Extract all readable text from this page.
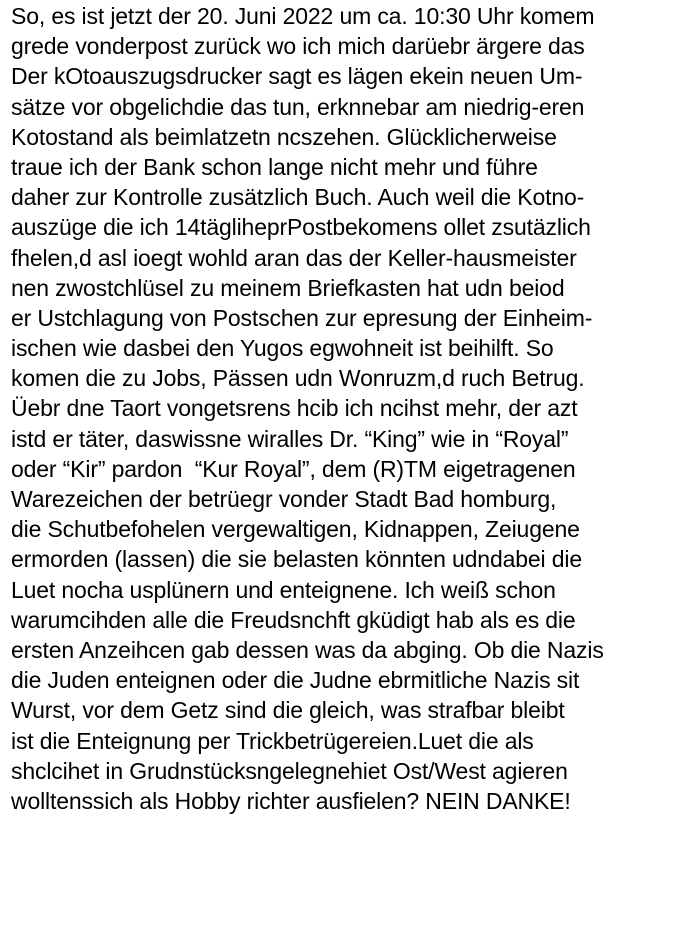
So, es ist jetzt der 20. Juni 2022 um ca. 10:30 Uhr komem
grede vonderpost zurück wo ich mich darüebr ärgere das
Der kOtoauszugsdrucker sagt es lägen ekein neuen Um-
sätze vor obgelichdie das tun, erknnebar am niedrig-eren
Kotostand als beimlatzetn ncszehen. Glücklicherweise
traue ich der Bank schon lange nicht mehr und führe
daher zur Kontrolle zusätzlich Buch. Auch weil die Kotno-
auszüge die ich 14täglihеprPostbekomens ollet zsutäzlich
fhelen,d asl ioegt wohld aran das der Keller-hausmeister
nen zwostchlüsel zu meinem Briefkasten hat udn beiod
er Ustchlagung von Postschen zur epresung der Einheim-
ischen wie dasbei den Yugos egwohneit ist beihilft. So
komen die zu Jobs, Pässen udn Wonruzm,d ruch Betrug.
Üebr dne Taort vongetsrens hcib ich ncihst mehr, der azt
istd er täter, daswissne wiralles Dr. “King” wie in “Royal”
oder “Kir” pardon  “Kur Royal”, dem (R)TM eigetragenen
Warezeichen der betrüegr vonder Stadt Bad homburg,
die Schutbefohelen vergewaltigen, Kidnappen, Zeiugene
ermorden (lassen) die sie belasten könnten udndabei die
Luet nocha usplünern und enteignene. Ich weiß schon
warumcihden alle die Freudsnchft gküdigt hab als es die
ersten Anzeihcen gab dessen was da abging. Ob die Nazis
die Juden enteignen oder die Judne ebrmitliche Nazis sit
Wurst, vor dem Getz sind die gleich, was strafbar bleibt
ist die Enteignung per Trickbetrügereien.Luet die als
shclcihet in Grudnstücksngelegnehiet Ost/West agieren
wolltenssich als Hobby richter ausfielen? NEIN DANKE!
